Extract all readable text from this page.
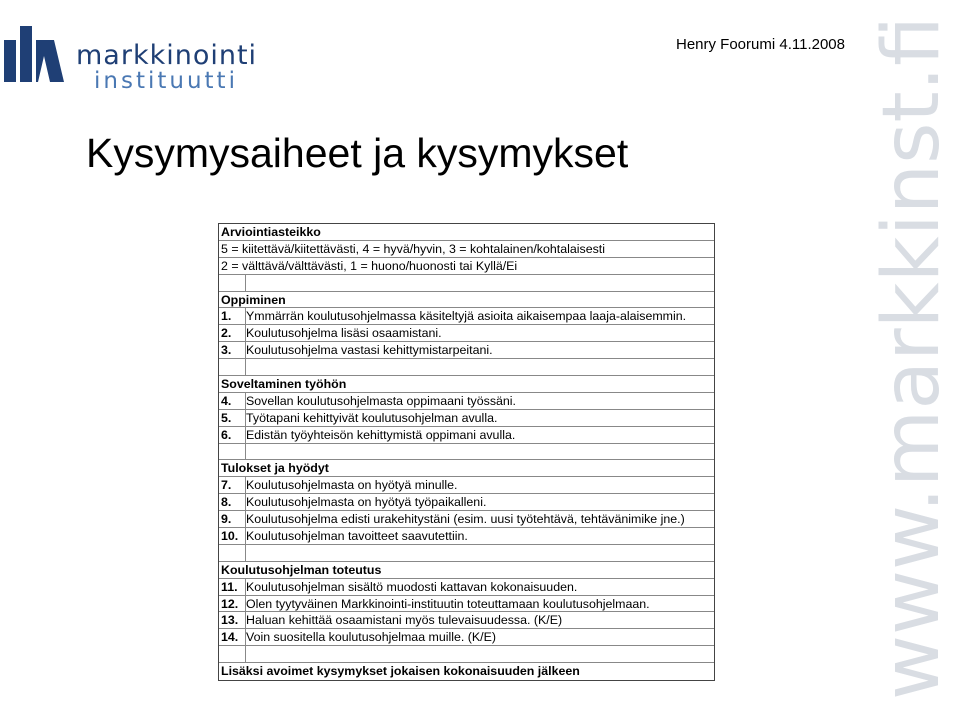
markkinointi
instituutti
Henry Foorumi 4.11.2008 www.markkinst.fi
Kysymysaiheet ja kysymykset
Arviointiasteikko
5 = kiitettävä/kiitettävästi, 4 = hyvä/hyvin, 3 = kohtalainen/kohtalaisesti
2 = välttävä/välttävästi, 1 = huono/huonosti tai Kyllä/Ei
Oppiminen
1.	Ymmärrän koulutusohjelmassa käsiteltyjä asioita aikaisempaa laaja-alaisemmin.
2.	Koulutusohjelma lisäsi osaamistani.
3.	Koulutusohjelma vastasi kehittymistarpeitani.
Soveltaminen työhön
4.	Sovellan koulutusohjelmasta oppimaani työssäni.
5.	Työtapani kehittyivät koulutusohjelman avulla.
6.	Edistän työyhteisön kehittymistä oppimani avulla.
Tulokset ja hyödyt
7.	Koulutusohjelmasta on hyötyä minulle.
8.	Koulutusohjelmasta on hyötyä työpaikalleni.
9.	Koulutusohjelma edisti urakehitystäni (esim. uusi työtehtävä, tehtävänimike jne.)
10. Koulutusohjelman tavoitteet saavutettiin.
Koulutusohjelman toteutus
11. Koulutusohjelman sisältö muodosti kattavan kokonaisuuden.
12. Olen tyytyväinen Markkinointi-instituutin toteuttamaan koulutusohjelmaan.
13. Haluan kehittää osaamistani myös tulevaisuudessa. (K/E)
14. Voin suositella koulutusohjelmaa muille. (K/E)
Lisäksi avoimet kysymykset jokaisen kokonaisuuden jälkeen
